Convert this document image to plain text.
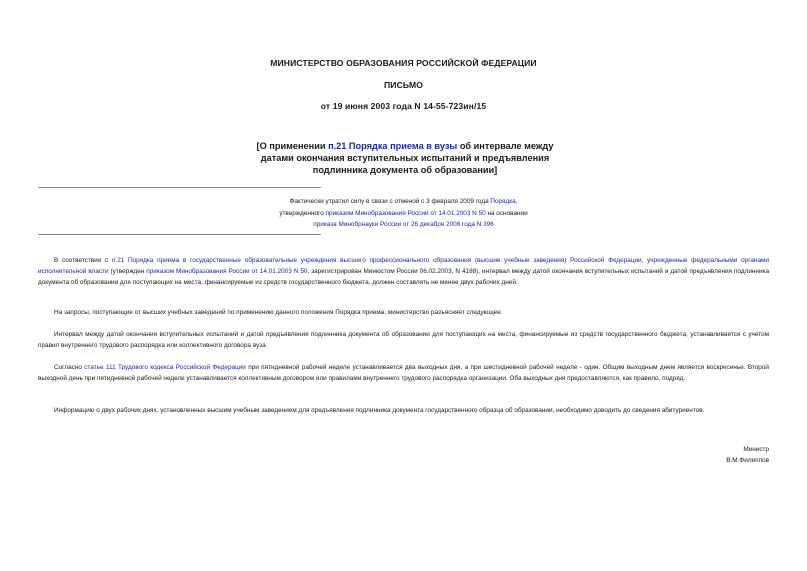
МИНИСТЕРСТВО ОБРАЗОВАНИЯ РОССИЙСКОЙ ФЕДЕРАЦИИ
ПИСЬМО
от 19 июня 2003 года N 14-55-723ин/15
[О применении п.21 Порядка приема в вузы об интервале между датами окончания вступительных испытаний и предъявления подлинника документа об образовании]
Фактически утратил силу в связи с отменой с 3 февраля 2009 года Порядка,
утвержденного приказом Минобразования России от 14.01.2003 N 50 на основании
приказа Минобрнауки России от 26 декабря 2008 года N 396
В соответствии с п.21 Порядка приема в государственные образовательные учреждения высшего профессионального образования (высшие учебные заведения) Российской Федерации, учрежденные федеральными органами исполнительной власти (утвержден приказом Минобразования России от 14.01.2003 N 50, зарегистрирован Минюстом России 06.02.2003, N 4188), интервал между датой окончания вступительных испытаний и датой предъявления подлинника документа об образовании для поступающих на места, финансируемые из средств государственного бюджета, должен составлять не менее двух рабочих дней.
На запросы, поступающие от высших учебных заведений по применению данного положения Порядка приема, министерство разъясняет следующее.
Интервал между датой окончания вступительных испытаний и датой предъявления подлинника документа об образовании для поступающих на места, финансируемые из средств государственного бюджета, устанавливается с учетом правил внутреннего трудового распорядка или коллективного договора вуза.
Согласно статье 111 Трудового кодекса Российской Федерации при пятидневной рабочей неделе устанавливается два выходных дня, а при шестидневной рабочей неделе - один. Общим выходным днем является воскресенье. Второй выходной день при пятидневной рабочей неделе устанавливается коллективным договором или правилами внутреннего трудового распорядка организации. Оба выходных дня предоставляются, как правило, подряд.
Информацию о двух рабочих днях, установленных высшим учебным заведением для предъявления подлинника документа государственного образца об образовании, необходимо доводить до сведения абитуриентов.
Министр
В.М.Филиппов
